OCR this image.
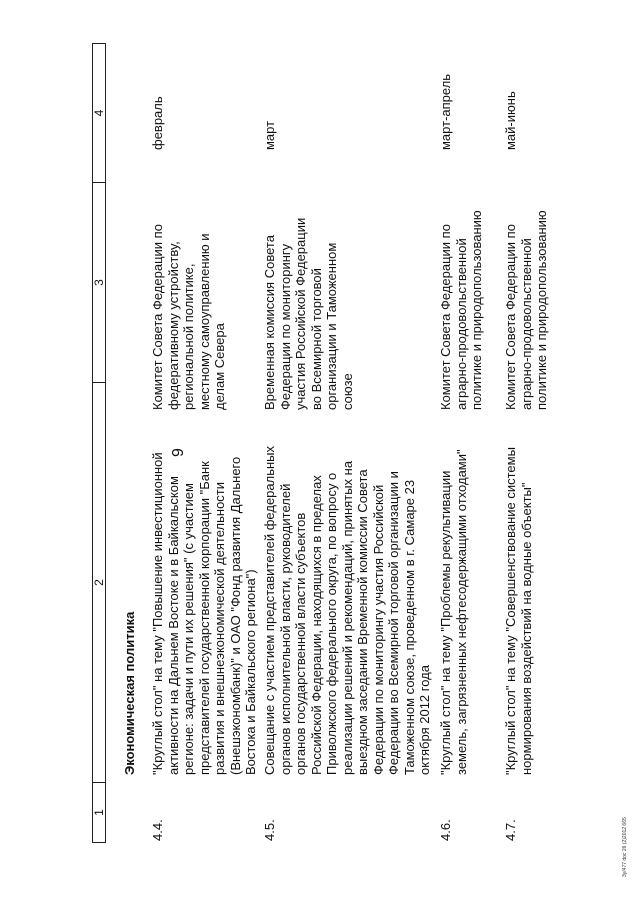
9
1
2
3
4
Экономическая политика
4.4.
"Круглый стол" на тему "Повышение инвестиционной активности на Дальнем Востоке и в Байкальском регионе: задачи и пути их решения" (с участием представителей государственной корпорации "Банк развития и внешнеэкономической деятельности (Внешэкономбанк)" и ОАО "Фонд развития Дальнего Востока и Байкальского региона")
Комитет Совета Федерации по федеративному устройству, региональной политике, местному самоуправлению и делам Севера
февраль
4.5.
Совещание с участием представителей федеральных органов исполнительной власти, руководителей органов государственной власти субъектов Российской Федерации, находящихся в пределах Приволжского федерального округа, по вопросу о реализации решений и рекомендаций, принятых на выездном заседании Временной комиссии Совета Федерации по мониторингу участия Российской Федерации во Всемирной торговой организации и Таможенном союзе, проведенном в г. Самаре 23 октября 2012 года
Временная комиссия Совета Федерации по мониторингу участия Российской Федерации во Всемирной торговой организации и Таможенном союзе
март
4.6.
"Круглый стол" на тему "Проблемы рекультивации земель, загрязненных нефтесодержащими отходами"
Комитет Совета Федерации по аграрно-продовольственной политике и природопользованию
март-апрель
4.7.
"Круглый стол" на тему "Совершенствование системы нормирования воздействий на водные объекты"
Комитет Совета Федерации по аграрно-продовольственной политике и природопользованию
май-июнь
3у/477 doc 26 (2)2012 665
